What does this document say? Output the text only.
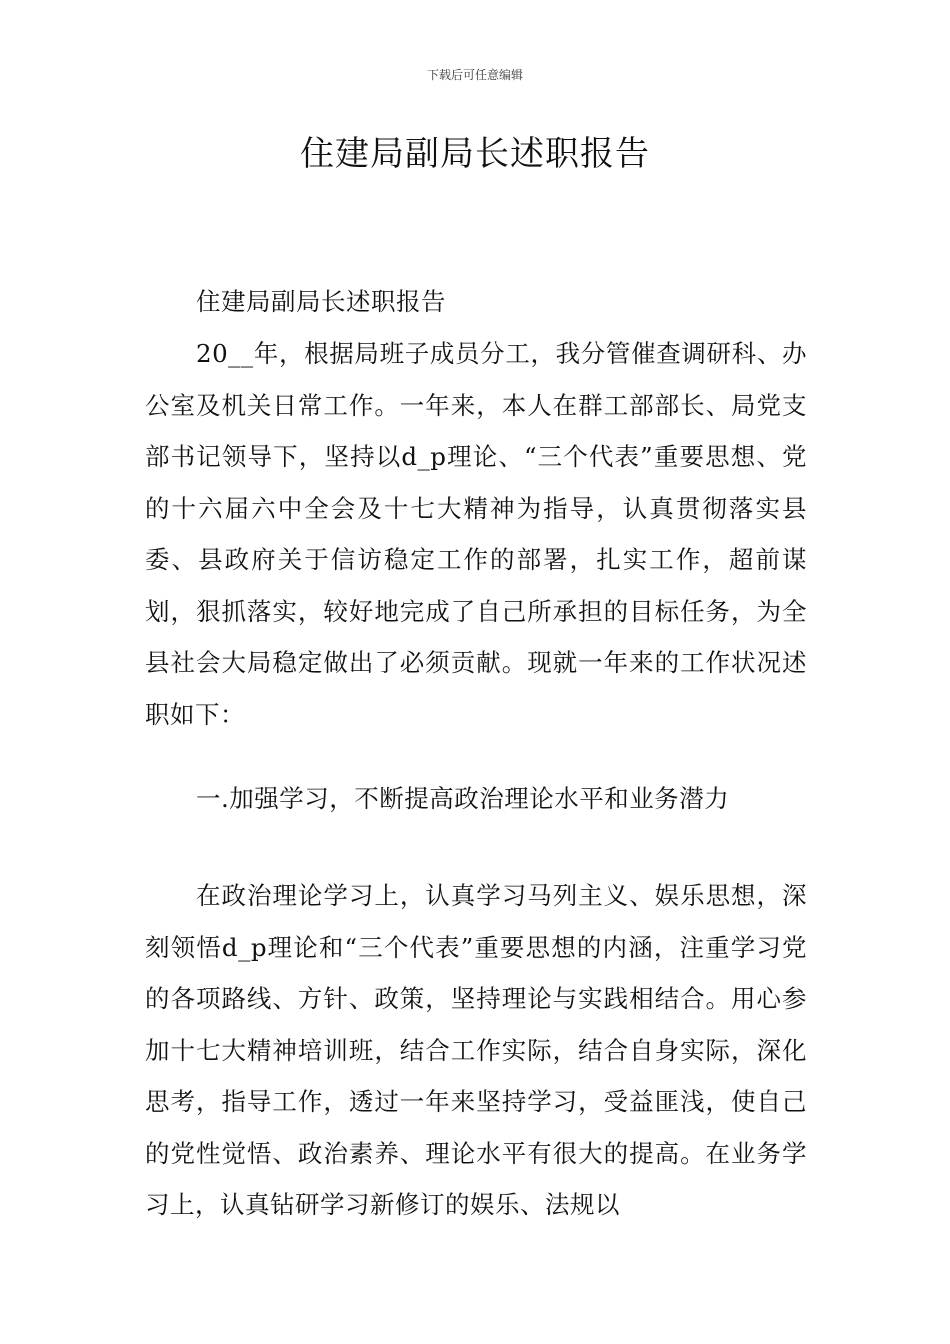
下载后可任意编辑
住建局副局长述职报告

住建局副局长述职报告

20__年，根据局班子成员分工，我分管催查调研科、办公室及机关日常工作。一年来，本人在群工部部长、局党支部书记领导下，坚持以d_p理论、“三个代表”重要思想、党的十六届六中全会及十七大精神为指导，认真贯彻落实县委、县政府关于信访稳定工作的部署，扎实工作，超前谋划，狠抓落实，较好地完成了自己所承担的目标任务，为全县社会大局稳定做出了必须贡献。现就一年来的工作状况述职如下：

一.加强学习，不断提高政治理论水平和业务潜力

在政治理论学习上，认真学习马列主义、娱乐思想，深刻领悟d_p理论和“三个代表”重要思想的内涵，注重学习党的各项路线、方针、政策，坚持理论与实践相结合。用心参加十七大精神培训班，结合工作实际，结合自身实际，深化思考，指导工作，透过一年来坚持学习，受益匪浅，使自己的党性觉悟、政治素养、理论水平有很大的提高。在业务学习上，认真钻研学习新修订的娱乐、法规以
